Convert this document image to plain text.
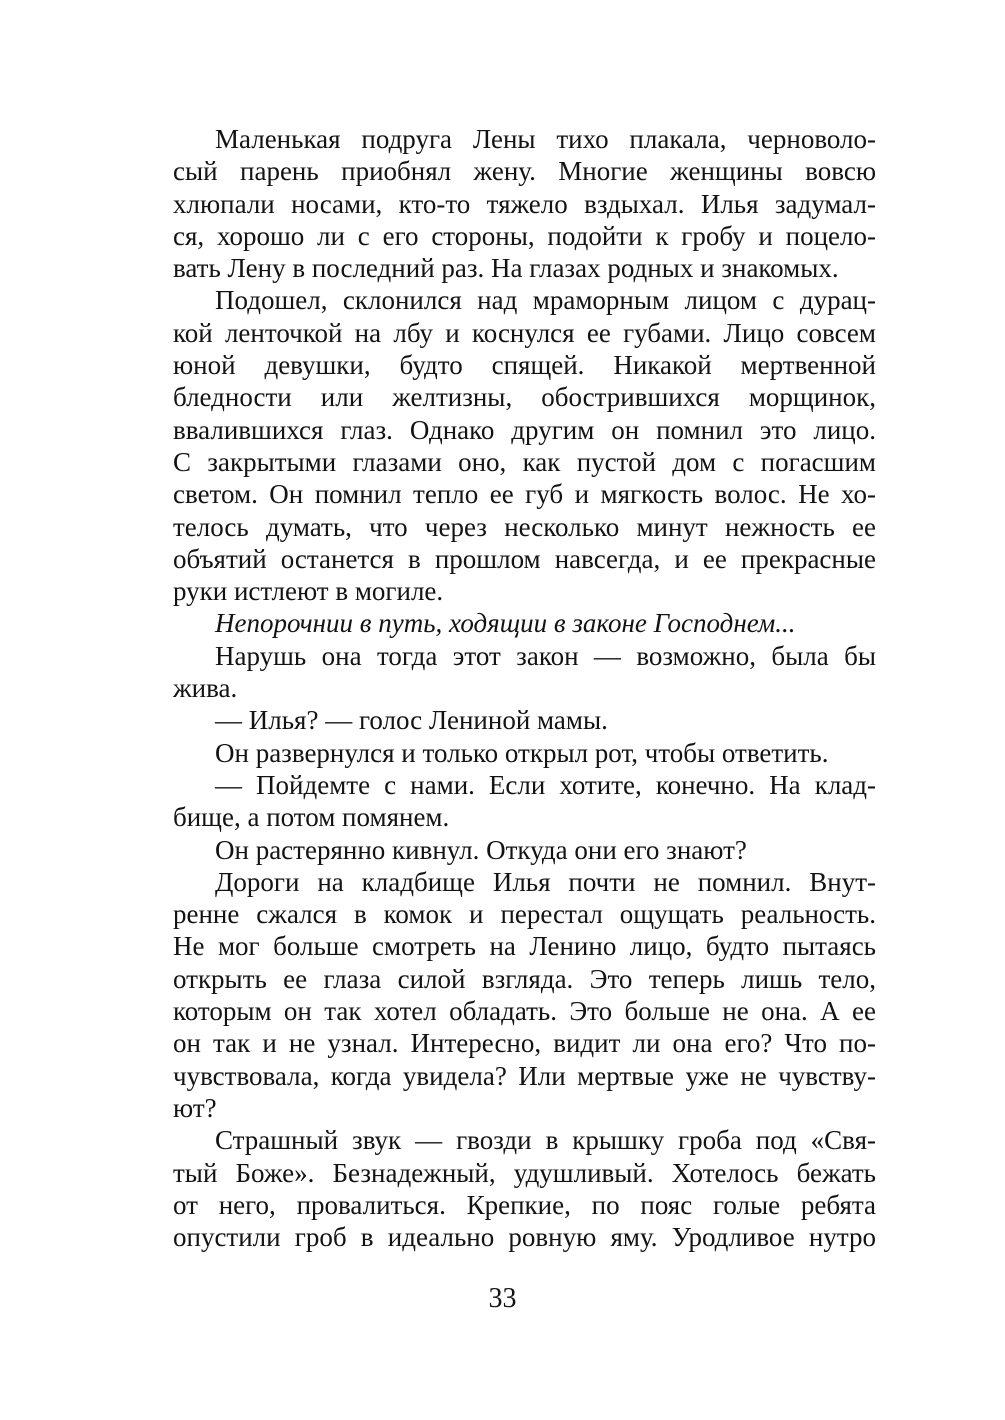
Маленькая подруга Лены тихо плакала, черноволо-
сый парень приобнял жену. Многие женщины вовсю
хлюпали носами, кто-то тяжело вздыхал. Илья задумал-
ся, хорошо ли с его стороны, подойти к гробу и поцело-
вать Лену в последний раз. На глазах родных и знакомых.
Подошел, склонился над мраморным лицом с дурац-
кой ленточкой на лбу и коснулся ее губами. Лицо совсем
юной девушки, будто спящей. Никакой мертвенной
бледности или желтизны, обострившихся морщинок,
ввалившихся глаз. Однако другим он помнил это лицо.
С закрытыми глазами оно, как пустой дом с погасшим
светом. Он помнил тепло ее губ и мягкость волос. Не хо-
телось думать, что через несколько минут нежность ее
объятий останется в прошлом навсегда, и ее прекрасные
руки истлеют в могиле.
Непорочнии в путь, ходящии в законе Господнем...
Нарушь она тогда этот закон — возможно, была бы
жива.
— Илья? — голос Лениной мамы.
Он развернулся и только открыл рот, чтобы ответить.
— Пойдемте с нами. Если хотите, конечно. На клад-
бище, а потом помянем.
Он растерянно кивнул. Откуда они его знают?
Дороги на кладбище Илья почти не помнил. Внут-
ренне сжался в комок и перестал ощущать реальность.
Не мог больше смотреть на Ленино лицо, будто пытаясь
открыть ее глаза силой взгляда. Это теперь лишь тело,
которым он так хотел обладать. Это больше не она. А ее
он так и не узнал. Интересно, видит ли она его? Что по-
чувствовала, когда увидела? Или мертвые уже не чувству-
ют?
Страшный звук — гвозди в крышку гроба под «Свя-
тый Боже». Безнадежный, удушливый. Хотелось бежать
от него, провалиться. Крепкие, по пояс голые ребята
опустили гроб в идеально ровную яму. Уродливое нутро
33
